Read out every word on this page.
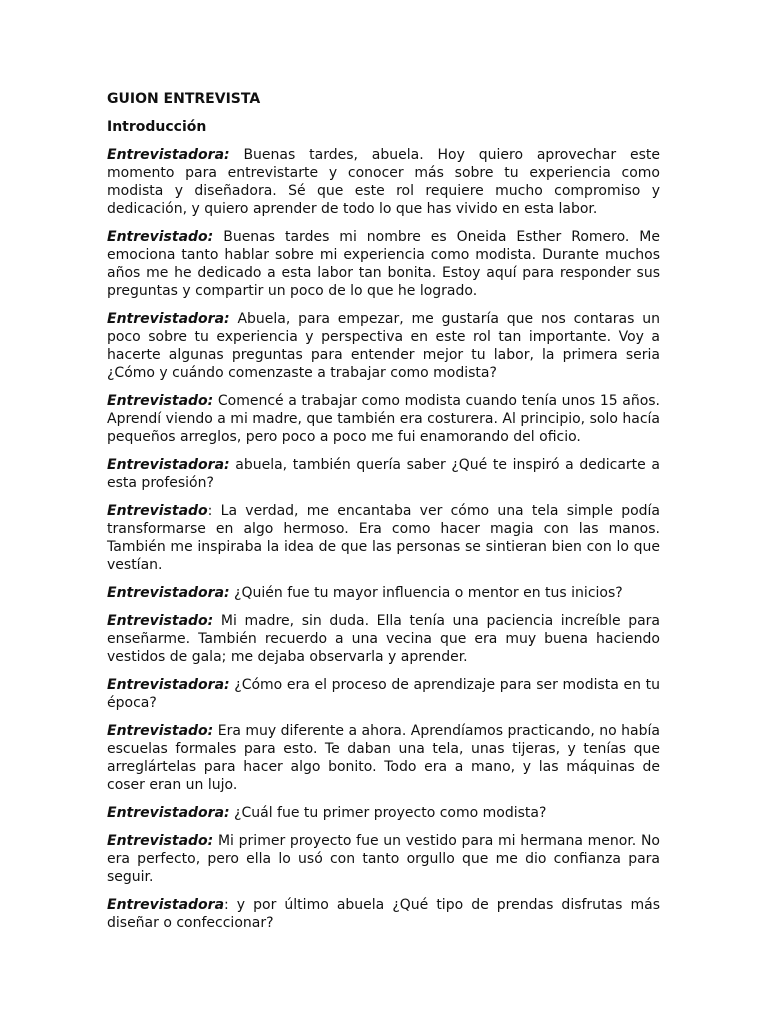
GUION ENTREVISTA

Introducción

Entrevistadora: Buenas tardes, abuela. Hoy quiero aprovechar este momento para entrevistarte y conocer más sobre tu experiencia como modista y diseñadora. Sé que este rol requiere mucho compromiso y dedicación, y quiero aprender de todo lo que has vivido en esta labor.

Entrevistado: Buenas tardes mi nombre es Oneida Esther Romero. Me emociona tanto hablar sobre mi experiencia como modista. Durante muchos años me he dedicado a esta labor tan bonita. Estoy aquí para responder sus preguntas y compartir un poco de lo que he logrado.

Entrevistadora: Abuela, para empezar, me gustaría que nos contaras un poco sobre tu experiencia y perspectiva en este rol tan importante. Voy a hacerte algunas preguntas para entender mejor tu labor, la primera seria ¿Cómo y cuándo comenzaste a trabajar como modista?

Entrevistado: Comencé a trabajar como modista cuando tenía unos 15 años. Aprendí viendo a mi madre, que también era costurera. Al principio, solo hacía pequeños arreglos, pero poco a poco me fui enamorando del oficio.

Entrevistadora: abuela, también quería saber ¿Qué te inspiró a dedicarte a esta profesión?

Entrevistado: La verdad, me encantaba ver cómo una tela simple podía transformarse en algo hermoso. Era como hacer magia con las manos. También me inspiraba la idea de que las personas se sintieran bien con lo que vestían.

Entrevistadora: ¿Quién fue tu mayor influencia o mentor en tus inicios?

Entrevistado: Mi madre, sin duda. Ella tenía una paciencia increíble para enseñarme. También recuerdo a una vecina que era muy buena haciendo vestidos de gala; me dejaba observarla y aprender.

Entrevistadora: ¿Cómo era el proceso de aprendizaje para ser modista en tu época?

Entrevistado: Era muy diferente a ahora. Aprendíamos practicando, no había escuelas formales para esto. Te daban una tela, unas tijeras, y tenías que arreglártelas para hacer algo bonito. Todo era a mano, y las máquinas de coser eran un lujo.

Entrevistadora: ¿Cuál fue tu primer proyecto como modista?

Entrevistado: Mi primer proyecto fue un vestido para mi hermana menor. No era perfecto, pero ella lo usó con tanto orgullo que me dio confianza para seguir.

Entrevistadora: y por último abuela ¿Qué tipo de prendas disfrutas más diseñar o confeccionar?
